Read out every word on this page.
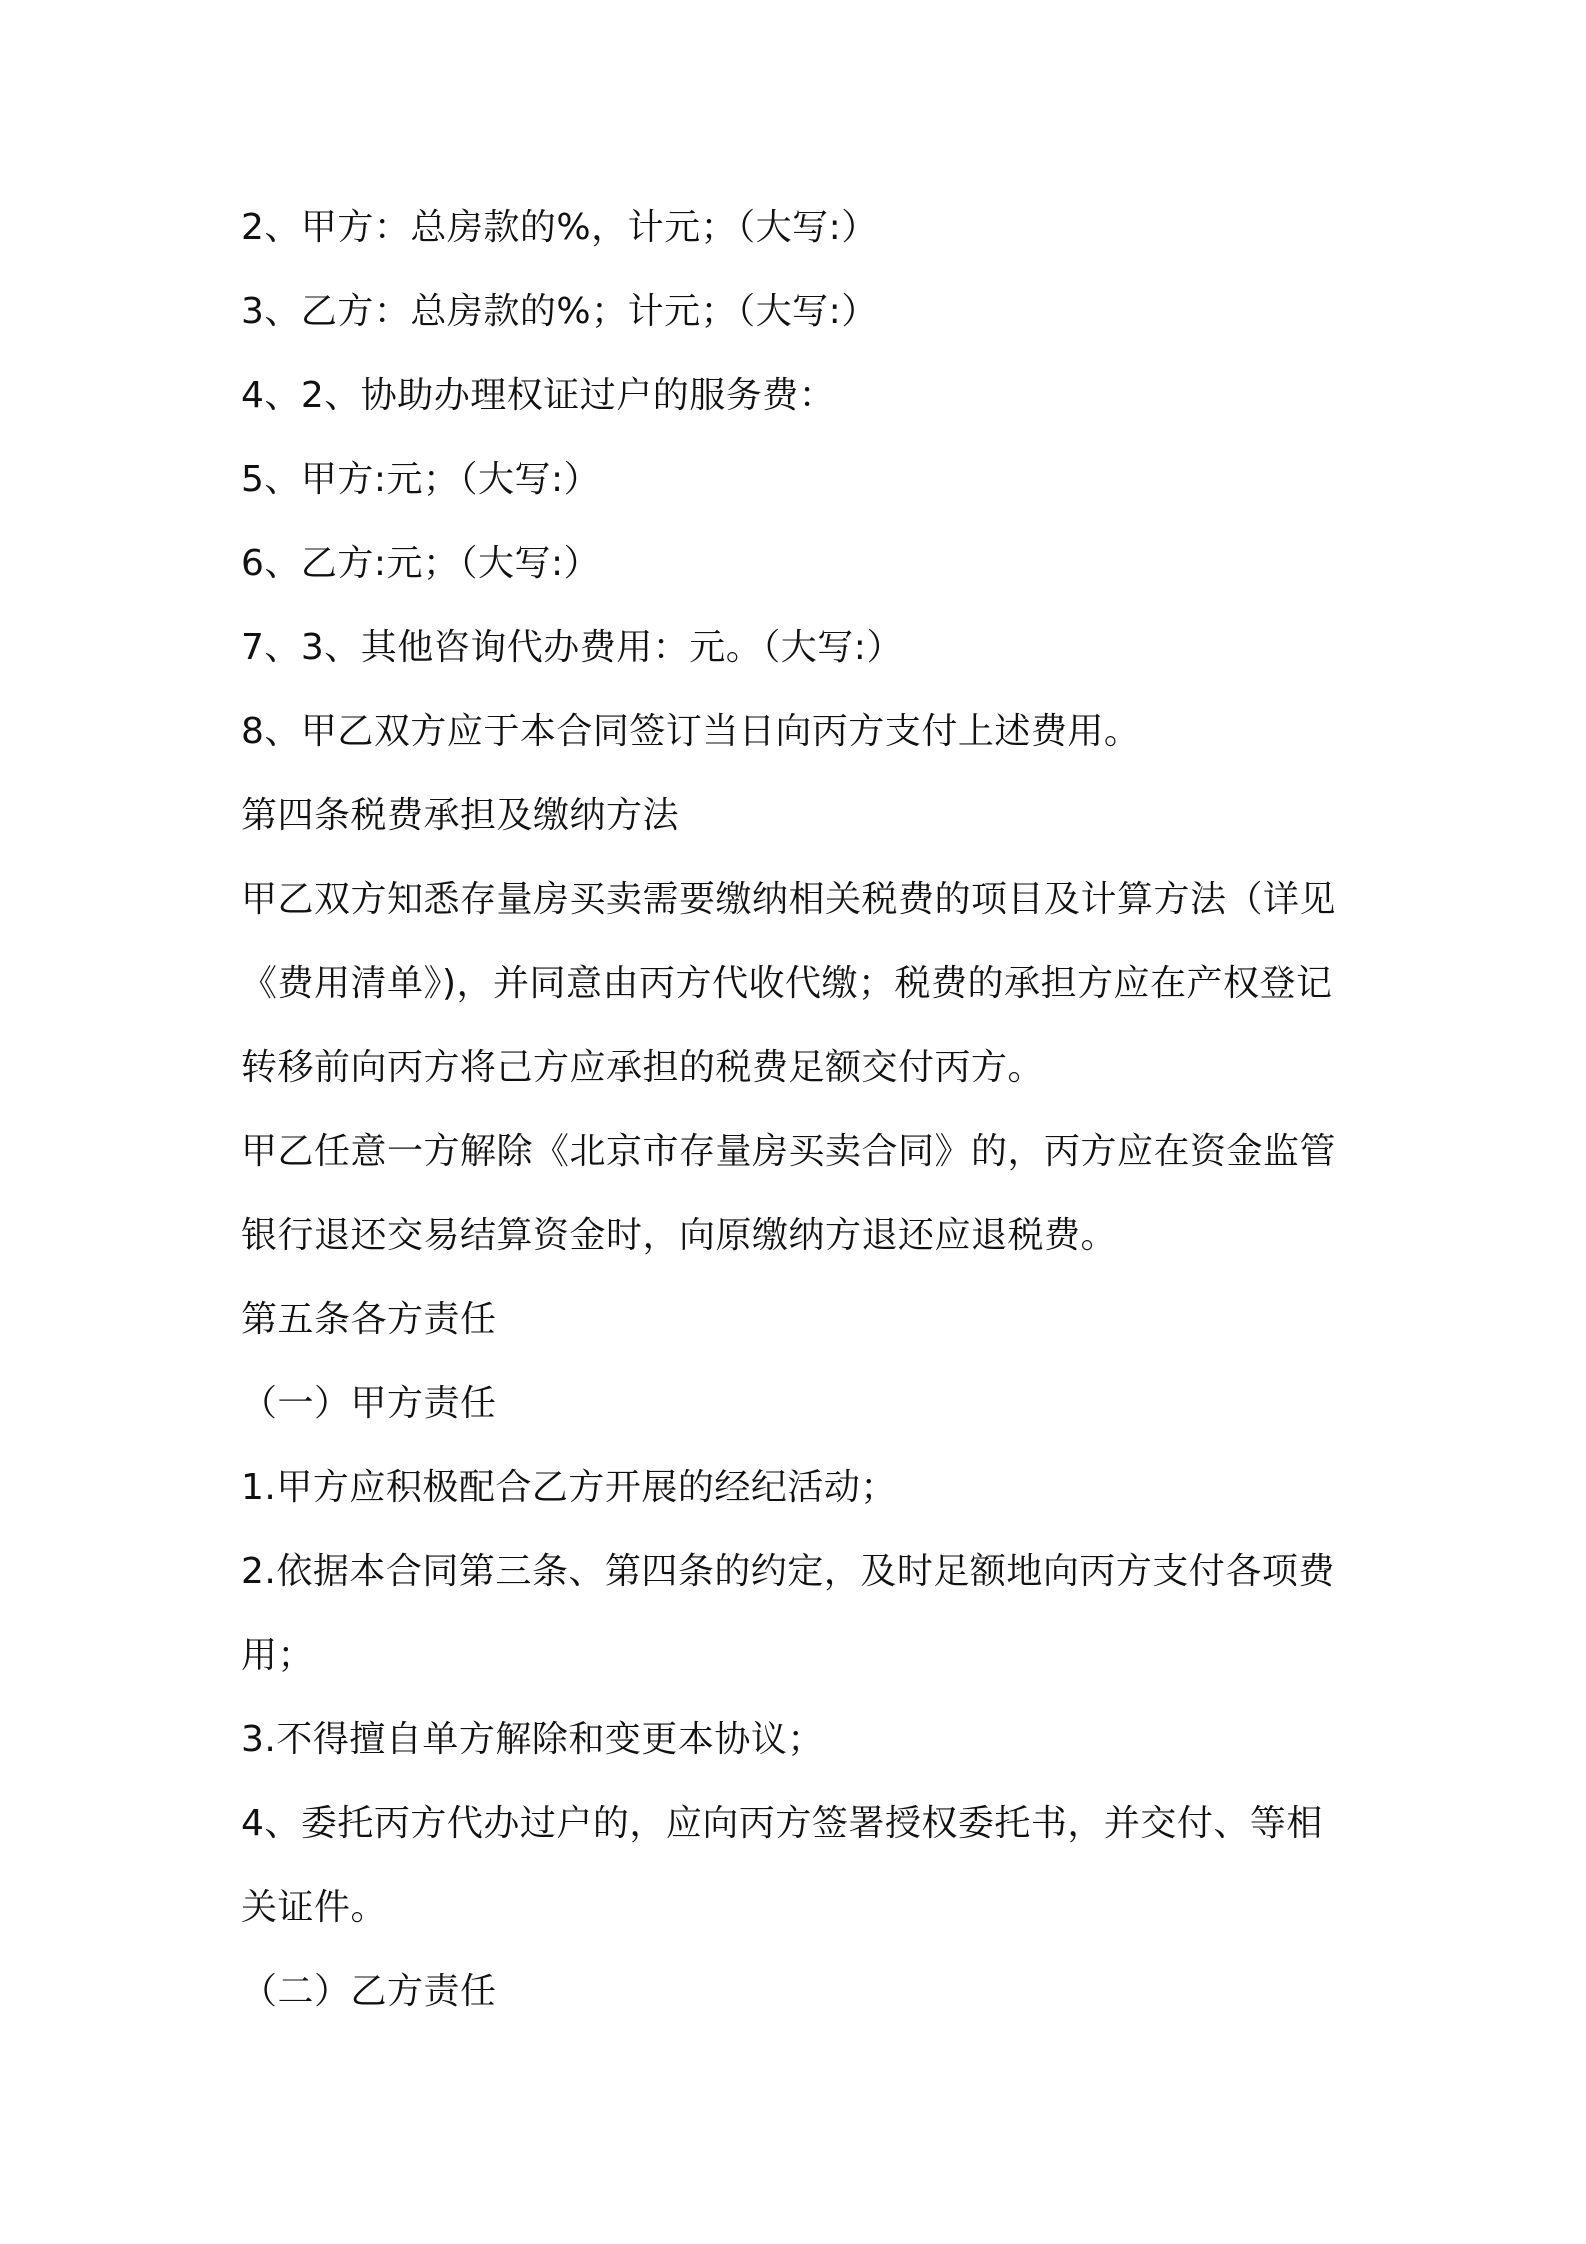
2、甲方：总房款的%，计元；（大写:）

3、乙方：总房款的%；计元；（大写:）

4、2、协助办理权证过户的服务费：

5、甲方:元；（大写:）

6、乙方:元；（大写:）

7、3、其他咨询代办费用：元。（大写:）

8、甲乙双方应于本合同签订当日向丙方支付上述费用。

第四条税费承担及缴纳方法

甲乙双方知悉存量房买卖需要缴纳相关税费的项目及计算方法（详见

《费用清单》)，并同意由丙方代收代缴；税费的承担方应在产权登记

转移前向丙方将己方应承担的税费足额交付丙方。

甲乙任意一方解除《北京市存量房买卖合同》的，丙方应在资金监管

银行退还交易结算资金时，向原缴纳方退还应退税费。

第五条各方责任

（一）甲方责任

1.甲方应积极配合乙方开展的经纪活动；

2.依据本合同第三条、第四条的约定，及时足额地向丙方支付各项费

用；

3.不得擅自单方解除和变更本协议；

4、委托丙方代办过户的，应向丙方签署授权委托书，并交付、等相

关证件。

（二）乙方责任
